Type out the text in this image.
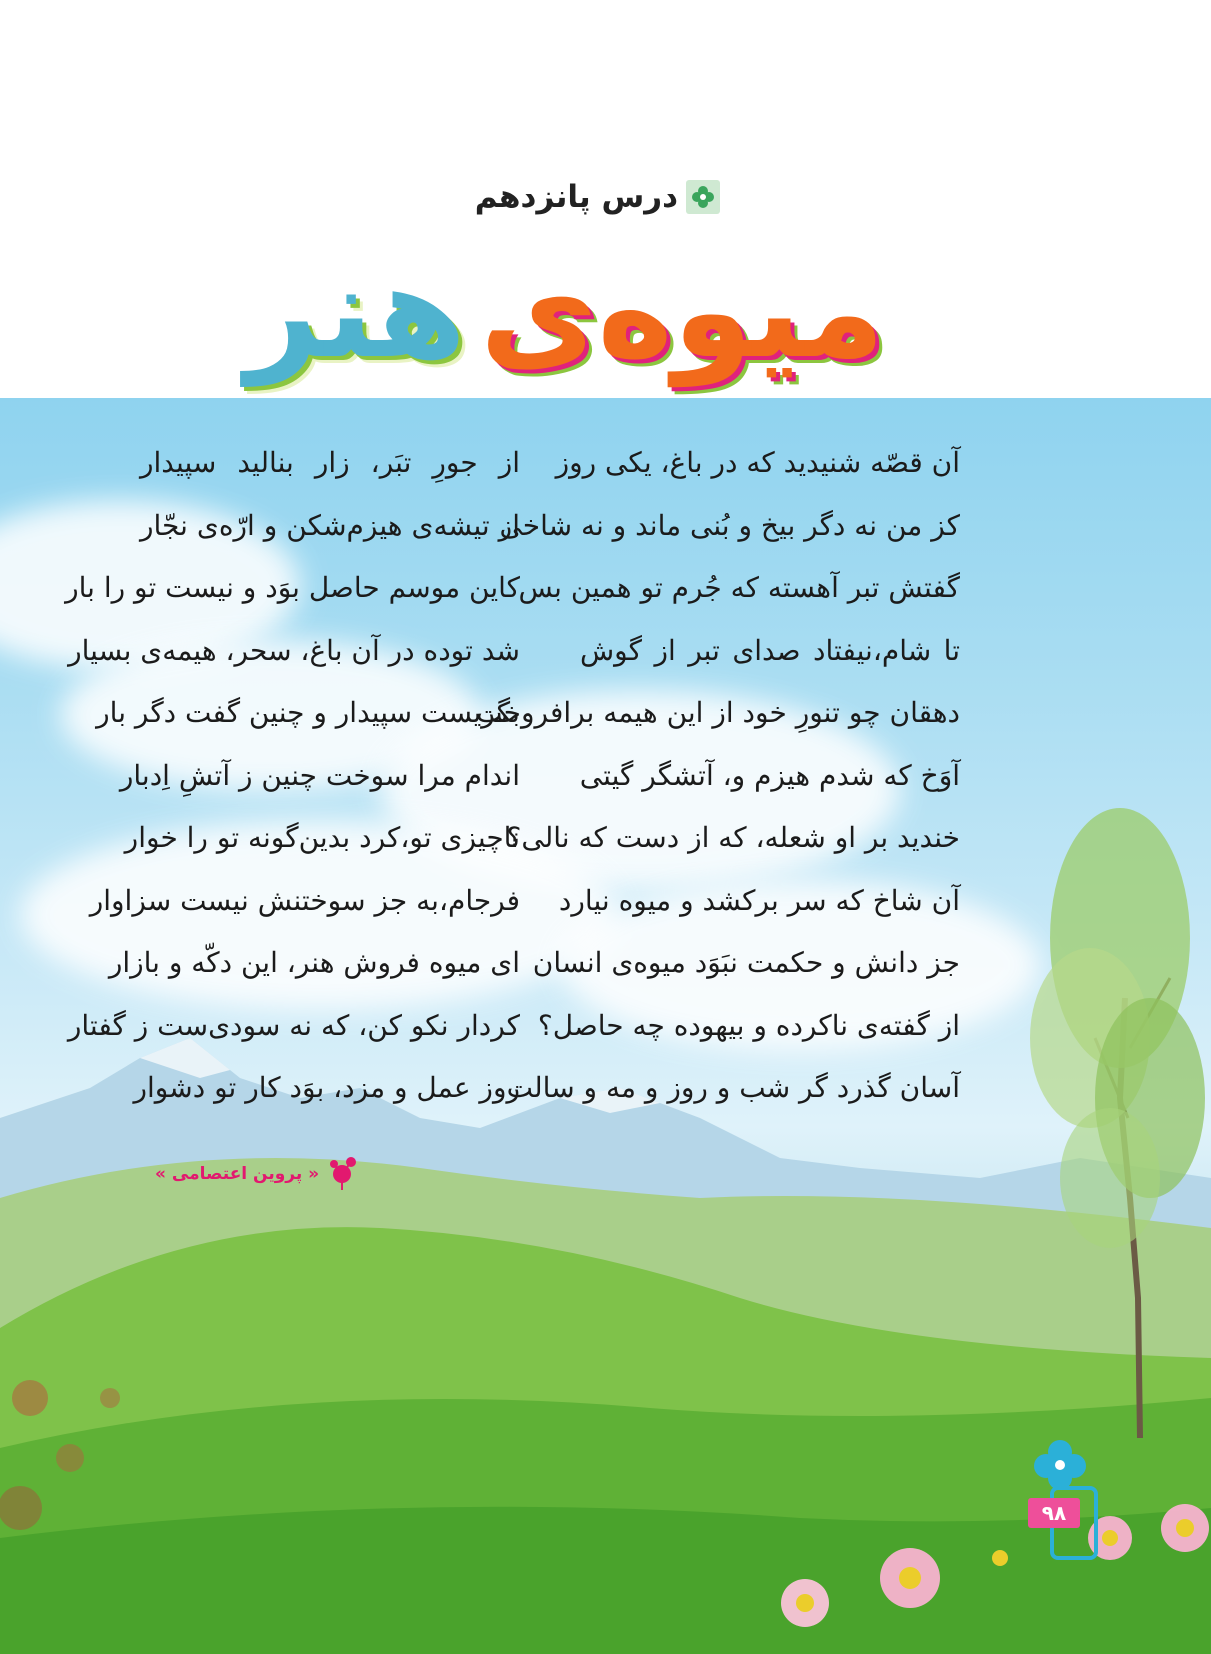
درس پانزدهم
میوه‌ی
هنر
آن قصّه شنیدید که در باغ، یکی روز
کز من نه دگر بیخ و بُنی ماند و نه شاخی
گفتش تبر آهسته که جُرم تو همین بس
تا شام،نیفتاد صدای تبر از گوش
دهقان چو تنورِ خود از این هیمه برافروخت
آوَخ که شدم هیزم و، آتشگر گیتی
خندید بر او شعله، که از دست که نالی؟
آن شاخ که سر برکشد و میوه نیارد
جز دانش و حکمت نبَوَد میوه‌ی انسان
از گفته‌ی ناکرده و بیهوده چه حاصل؟
آسان گذرد گر شب و روز و مه و سالت
از جورِ تبَر، زار بنالید سپیدار
از تیشه‌ی هیزم‌شکن و ارّه‌ی نجّار
کاین موسم حاصل بوَد و نیست تو را بار
شد توده در آن باغ، سحر، هیمه‌ی بسیار
بگریست سپیدار و چنین گفت دگر بار
اندام مرا سوخت چنین ز آتشِ اِدبار
ناچیزی تو،کرد بدین‌گونه تو را خوار
فرجام،به جز سوختنش نیست سزاوار
ای میوه فروش هنر، این دکّه و بازار
کردار نکو کن، که نه سودی‌ست ز گفتار
روز عمل و مزد، بوَد کار تو دشوار
« پروین اعتصامی »
۹۸
